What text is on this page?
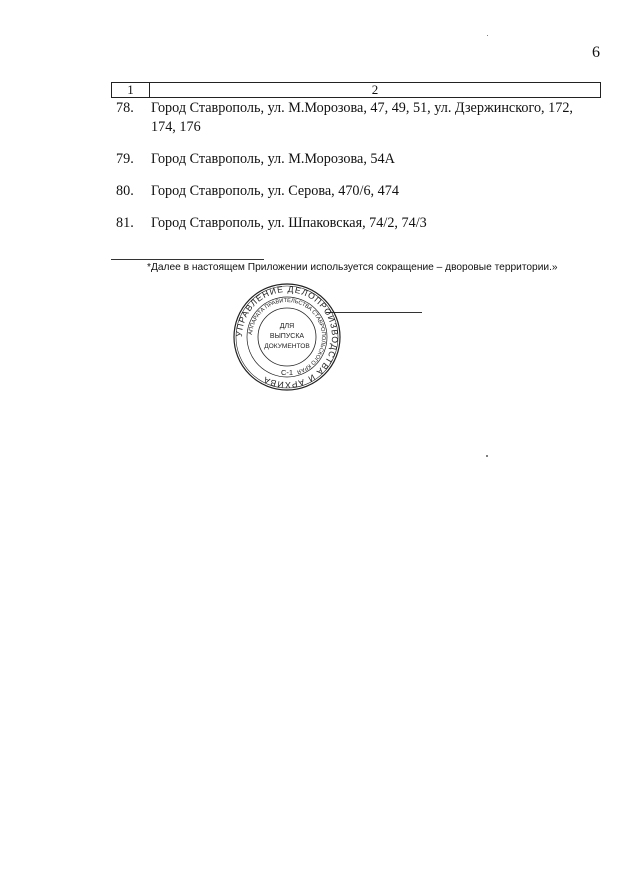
6
1	2
78.	Город Ставрополь, ул. М.Морозова, 47, 49, 51, ул. Дзержинского, 172, 174, 176
79.	Город Ставрополь, ул. М.Морозова, 54А
80.	Город Ставрополь, ул. Серова, 470/6, 474
81.	Город Ставрополь, ул. Шпаковская, 74/2, 74/3
*Далее в настоящем Приложении используется сокращение – дворовые территории.»
УПРАВЛЕНИЕ ДЕЛОПРОИЗВОДСТВА И АРХИВА
АППАРАТА ПРАВИТЕЛЬСТВА СТАВРОПОЛЬСКОГО КРАЯ
ДЛЯ
ВЫПУСКА
ДОКУМЕНТОВ
С-1
